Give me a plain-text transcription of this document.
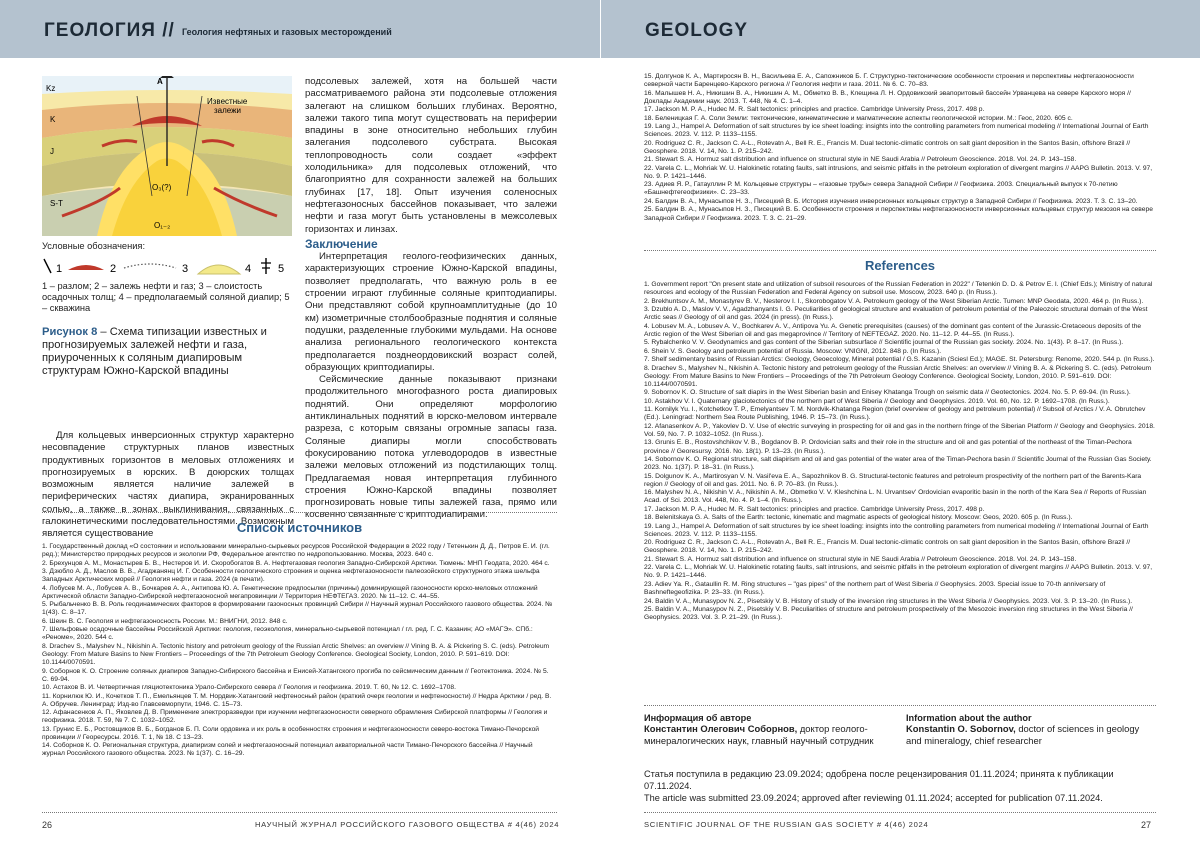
ГЕОЛОГИЯ // Геология нефтяных и газовых месторождений	GEOLOGY
A
Kz
K
J
Известные
залежи
O₃(?)
S-T
O₁₋₂
Условные обозначения:
1	2	3	4 5
1 – разлом; 2 – залежь нефти и газ; 3 – слоистость осадочных толщ; 4 – предполагаемый соляной диапир; 5 – скважина
Рисунок 8 – Схема типизации известных и прогнозируемых залежей нефти и газа, приуроченных к соляным диапировым структурам Южно-Карской впадины

Для кольцевых инверсионных структур характерно несовпадение структурных планов известных продуктивных горизонтов в меловых отложениях и прогнозируемых в юрских. В доюрских толщах возможным является наличие залежей в периферических частях диапира, экранированных солью, а также в зонах выклинивания, связанных с галокинетическими последовательностями. Возможным является существование

подсолевых залежей, хотя на большей части рассматриваемого района эти подсолевые отложения залегают на слишком больших глубинах. Вероятно, залежи такого типа могут существовать на периферии впадины в зоне относительно небольших глубин залегания подсолевого субстрата. Высокая теплопроводность соли создает «эффект холодильника» для подсолевых отложений, что благоприятно для сохранности залежей на больших глубинах [17, 18]. Опыт изучения соленосных нефтегазоносных бассейнов показывает, что залежи нефти и газа могут быть установлены в межсолевых горизонтах и линзах.

Заключение

Интерпретация геолого-геофизических данных, характеризующих строение Южно-Карской впадины, позволяет предполагать, что важную роль в ее строении играют глубинные соляные криптодиапиры. Они представляют собой крупноамплитудные (до 10 км) изометричные столбообразные поднятия и соляные подушки, разделенные глубокими мульдами. На основе анализа регионального геологического контекста предполагается позднеордовикский возраст солей, образующих криптодиапиры.

Сейсмические данные показывают признаки продолжительного многофазного роста диапировых поднятий. Они определяют морфологию антиклинальных поднятий в юрско-меловом интервале разреза, с которым связаны огромные запасы газа. Соляные диапиры могли способствовать фокусированию потока углеводородов в известные залежи меловых отложений из подстилающих толщ. Предлагаемая новая интерпретация глубинного строения Южно-Карской впадины позволяет прогнозировать новые типы залежей газа, прямо или косвенно связанные с криптодиапирами.

Список источников
1. Государственный доклад «О состоянии и использовании минерально-сырьевых ресурсов Российской Федерации в 2022 году / Тетенькин Д. Д., Петров Е. И. (гл. ред.); Министерство природных ресурсов и экологии РФ, Федеральное агентство по недропользованию. Москва, 2023. 640 с.
2. Брехунцов А. М., Монастырев Б. В., Нестеров И. И. Скоробогатов В. А. Нефтегазовая геология Западно-Сибирской Арктики. Тюмень: МНП Геодата, 2020. 464 с.
3. Дзюбло А. Д., Маслов В. В., Агаджанянц И. Г. Особенности геологического строения и оценка нефтегазоносности палеозойского структурного этажа шельфа Западных Арктических морей // Геология нефти и газа. 2024 (в печати).
4. Лобусев М. А., Лобусев А. В., Бочкарев А. А., Антипова Ю. А. Генетические предпосылки (причины) доминирующей газоносности юрско-меловых отложений Арктической области Западно-Сибирской нефтегазоносной мегапровинции // Территория НЕФТЕГАЗ. 2020. № 11–12. С. 44–55.
5. Рыбальченко В. В. Роль геодинамических факторов в формировании газоносных провинций Сибири // Научный журнал Российского газового общества. 2024. № 1(43). С. 8–17.
6. Шеин В. С. Геология и нефтегазоносность России. М.: ВНИГНИ, 2012. 848 с.
7. Шельфовые осадочные бассейны Российской Арктики: геология, геоэкология, минерально-сырьевой потенциал / гл. ред. Г. С. Казанин; АО «МАГЭ». СПб.: «Реноме», 2020. 544 с.
8. Drachev S., Malyshev N., Nikishin A. Tectonic history and petroleum geology of the Russian Arctic Shelves: an overview // Vining B. A. & Pickering S. C. (eds). Petroleum Geology: From Mature Basins to New Frontiers – Proceedings of the 7th Petroleum Geology Conference. Geological Society, London, 2010. P. 591–619. DOI: 10.1144/0070591.
9. Соборнов К. О. Строение соляных диапиров Западно-Сибирского бассейна и Енисей-Хатангского прогиба по сейсмическим данным // Геотектоника. 2024. № 5. С. 69-94.
10. Астахов В. И. Четвертичная гляциотектоника Урало-Сибирского севера // Геология и геофизика. 2019. Т. 60, № 12. С. 1692–1708.
11. Корнилюк Ю. И., Кочетков Т. П., Емельянцев Т. М. Нордвик-Хатангский нефтеносный район (краткий очерк геологии и нефтеносности) // Недра Арктики / ред. В. А. Обручев. Ленинград: Изд-во Главсевморпути, 1946. С. 15–73.
12. Афанасенков А. П., Яковлев Д. В. Применение электроразведки при изучении нефтегазоносности северного обрамления Сибирской платформы // Геология и геофизика. 2018. Т. 59, № 7. С. 1032–1052.
13. Грунис Е. Б., Ростовщиков В. Б., Богданов Б. П. Соли ордовика и их роль в особенностях строения и нефтегазоносности северо-востока Тимано-Печорской провинции // Георесурсы. 2016. Т. 1, № 18. С 13–23.
14. Соборнов К. О. Региональная структура, диапиризм солей и нефтегазоносный потенциал акваториальной части Тимано-Печорского бассейна // Научный журнал Российского газового общества. 2023. № 1(37). С. 16–29.
26	НАУЧНЫЙ ЖУРНАЛ РОССИЙСКОГО ГАЗОВОГО ОБЩЕСТВА # 4(46) 2024
15. Долгунов К. А., Мартиросян В. Н., Васильева Е. А., Сапожников Б. Г. Структурно-тектонические особенности строения и перспективы нефтегазоносности северной части Баренцево-Карского региона // Геология нефти и газа. 2011. № 6. С. 70–83.
16. Малышев Н. А., Никишин В. А., Никишин А. М., Обметко В. В., Клещина Л. Н. Ордовикский эвапоритовый бассейн Урванцева на севере Карского моря // Доклады Академии наук. 2013. Т. 448, № 4. С. 1–4.
17. Jackson M. P. A., Hudec M. R. Salt tectonics: principles and practice. Cambridge University Press, 2017. 498 p.
18. Беленицкая Г. А. Соли Земли: тектонические, кинематические и магматические аспекты геологической истории. М.: Геос, 2020. 605 с.
19. Lang J., Hampel A. Deformation of salt structures by ice sheet loading: insights into the controlling parameters from numerical modeling // International Journal of Earth Sciences. 2023. V. 112. P. 1133–1155.
20. Rodriguez C. R., Jackson C. A-L., Rotevatn A., Bell R. E., Francis M. Dual tectonic-climatic controls on salt giant deposition in the Santos Basin, offshore Brazil // Geosphere. 2018. V. 14, No. 1. P. 215–242.
21. Stewart S. A. Hormuz salt distribution and influence on structural style in NE Saudi Arabia // Petroleum Geoscience. 2018. Vol. 24. P. 143–158.
22. Varela C. L., Mohriak W. U. Halokinetic rotating faults, salt intrusions, and seismic pitfalls in the petroleum exploration of divergent margins // AAPG Bulletin. 2013. V. 97, No. 9. P. 1421–1446.
23. Адиев Я. Р., Гатауллин Р. М. Кольцевые структуры – «газовые трубы» севера Западной Сибири // Геофизика. 2003. Специальный выпуск к 70-летию «Башнефтегеофизики». С. 23–33.
24. Балдин В. А., Мунасыпов Н. З., Писецкий В. Б. История изучения инверсионных кольцевых структур в Западной Сибири // Геофизика. 2023. Т. 3. С. 13–20.
25. Балдин В. А., Мунасыпов Н. З., Писецкий В. Б. Особенности строения и перспективы нефтегазоносности инверсионных кольцевых структур мезозоя на севере Западной Сибири // Геофизика. 2023. Т. 3. С. 21–29.
References
1. Government report "On present state and utilization of subsoil resources of the Russian Federation in 2022" / Tetenkin D. D. & Petrov E. I. (Chief Eds.); Ministry of natural resources and ecology of the Russian Federation and Federal Agency on subsoil use. Moscow, 2023. 640 p. (In Russ.).
2. Brekhuntsov A. M., Monastyrev B. V., Nesterov I. I., Skorobogatov V. A. Petroleum geology of the West Siberian Arctic. Tumen: MNP Geodata, 2020. 464 p. (In Russ.).
3. Dzublo A. D., Maslov V. V., Agadzhanyants I. G. Peculiarities of geological structure and evaluation of petroleum potential of the Paleozoic structural domain of the West Arctic seas // Geology of oil and gas. 2024 (in press). (In Russ.).
4. Lobusev M. A., Lobusev A. V., Bochkarev A. V., Antipova Yu. A. Genetic prerequisites (causes) of the dominant gas content of the Jurassic-Cretaceous deposits of the Arctic region of the West Siberian oil and gas megaprovince // Territory of NEFTEGAZ. 2020. No. 11–12. P. 44–55. (In Russ.).
5. Rybalchenko V. V. Geodynamics and gas content of the Siberian subsurface // Scientific journal of the Russian gas society. 2024. No. 1(43). P. 8–17. (In Russ.).
6. Shein V. S. Geology and petroleum potential of Russia. Moscow: VNIGNI, 2012. 848 p. (In Russ.).
7. Shelf sedimentary basins of Russian Arctics: Geology, Geoecology, Mineral potential / G.S. Kazanin (Sciesl Ed.); MAGE. St. Petersburg: Renome, 2020. 544 p. (In Russ.).
8. Drachev S., Malyshev N., Nikishin A. Tectonic history and petroleum geology of the Russian Arctic Shelves: an overview // Vining B. A. & Pickering S. C. (eds). Petroleum Geology: From Mature Basins to New Frontiers – Proceedings of the 7th Petroleum Geology Conference. Geological Society, London, 2010. P. 591–619. DOI: 10.1144/0070591.
9. Sobornov K. O. Structure of salt diapirs in the West Siberian basin and Enisey Khatanga Trough on seismic data // Geotectonics. 2024. No. 5. P. 69-94. (In Russ.).
10. Astakhov V. I. Quaternary glaciotectonics of the northern part of West Siberia // Geology and Geophysics. 2019. Vol. 60, No. 12. P. 1692–1708. (In Russ.).
11. Kornilyk Yu. I., Kotchetkov T. P., Emelyantsev T. M. Nordvik-Khatanga Region (brief overview of geology and petroleum potential) // Subsoil of Arctics / V. A. Obrutchev (Ed.). Leningrad: Northern Sea Route Publishing, 1946. P. 15–73. (In Russ.).
12. Afanasenkov A. P., Yakovlev D. V. Use of electric surveying in prospecting for oil and gas in the northern fringe of the Siberian Platform // Geology and Geophysics. 2018. Vol. 59, No. 7. P. 1032–1052. (In Russ.).
13. Grunis E. B., Rostovshchikov V. B., Bogdanov B. P. Ordovician salts and their role in the structure and oil and gas potential of the northeast of the Timan-Pechora province // Georesursy. 2016. No. 18(1). P. 13–23. (In Russ.).
14. Sobornov K. O. Regional structure, salt diapirism and oil and gas potential of the water area of the Timan-Pechora basin // Scientific Journal of the Russian Gas Society. 2023. No. 1(37). P. 18–31. (In Russ.).
15. Dolgunov K. A., Martirosyan V. N. Vasil'eva E. A., Sapozhnikov B. G. Structural-tectonic features and petroleum prospectivity of the northern part of the Barents-Kara region // Geology of oil and gas. 2011. No. 6. P. 70–83. (In Russ.).
16. Malyshev N. A., Nikishin V. A., Nikishin A. M., Obmetko V. V. Kleshchina L. N. Urvantsev' Ordovician evaporitic basin in the north of the Kara Sea // Reports of Russian Acad. of Sci. 2013. Vol. 448, No. 4. P. 1–4. (In Russ.).
17. Jackson M. P. A., Hudec M. R. Salt tectonics: principles and practice. Cambridge University Press, 2017. 498 p.
18. Belenitskaya G. A. Salts of the Earth: tectonic, kinematic and magmatic aspects of geological history. Moscow: Geos, 2020. 605 p. (In Russ.).
19. Lang J., Hampel A. Deformation of salt structures by ice sheet loading: insights into the controlling parameters from numerical modeling // International Journal of Earth Sciences. 2023. V. 112. P. 1133–1155.
20. Rodriguez C. R., Jackson C. A-L., Rotevatn A., Bell R. E., Francis M. Dual tectonic-climatic controls on salt giant deposition in the Santos Basin, offshore Brazil // Geosphere. 2018. V. 14, No. 1. P. 215–242.
21. Stewart S. A. Hormuz salt distribution and influence on structural style in NE Saudi Arabia // Petroleum Geoscience. 2018. Vol. 24. P. 143–158.
22. Varela C. L., Mohriak W. U. Halokinetic rotating faults, salt intrusions, and seismic pitfalls in the petroleum exploration of divergent margins // AAPG Bulletin. 2013. V. 97, No. 9. P. 1421–1446.
23. Adiev Ya. R., Gataullin R. M. Ring structures – "gas pipes" of the northern part of West Siberia // Geophysics. 2003. Special issue to 70-th anniversary of Bashneftegeofizika. P. 23–33. (In Russ.).
24. Baldin V. A., Munasypov N. Z., Pisetskiy V. B. History of study of the inversion ring structures in the West Siberia // Geophysics. 2023. Vol. 3. P. 13–20. (In Russ.).
25. Baldin V. A., Munasypov N. Z., Pisetskiy V. B. Peculiarities of structure and petroleum prospectively of the Mesozoic inversion ring structures in the West Siberia // Geophysics. 2023. Vol. 3. P. 21–29. (In Russ.).
Информация об авторе
Константин Олегович Соборнов, доктор геолого-минералогических наук, главный научный сотрудник
Information about the author
Konstantin O. Sobornov, doctor of sciences in geology and mineralogy, chief researcher
Статья поступила в редакцию 23.09.2024; одобрена после рецензирования 01.11.2024; принята к публикации 07.11.2024.
The article was submitted 23.09.2024; approved after reviewing 01.11.2024; accepted for publication 07.11.2024.
SCIENTIFIC JOURNAL OF THE RUSSIAN GAS SOCIETY # 4(46) 2024	27
